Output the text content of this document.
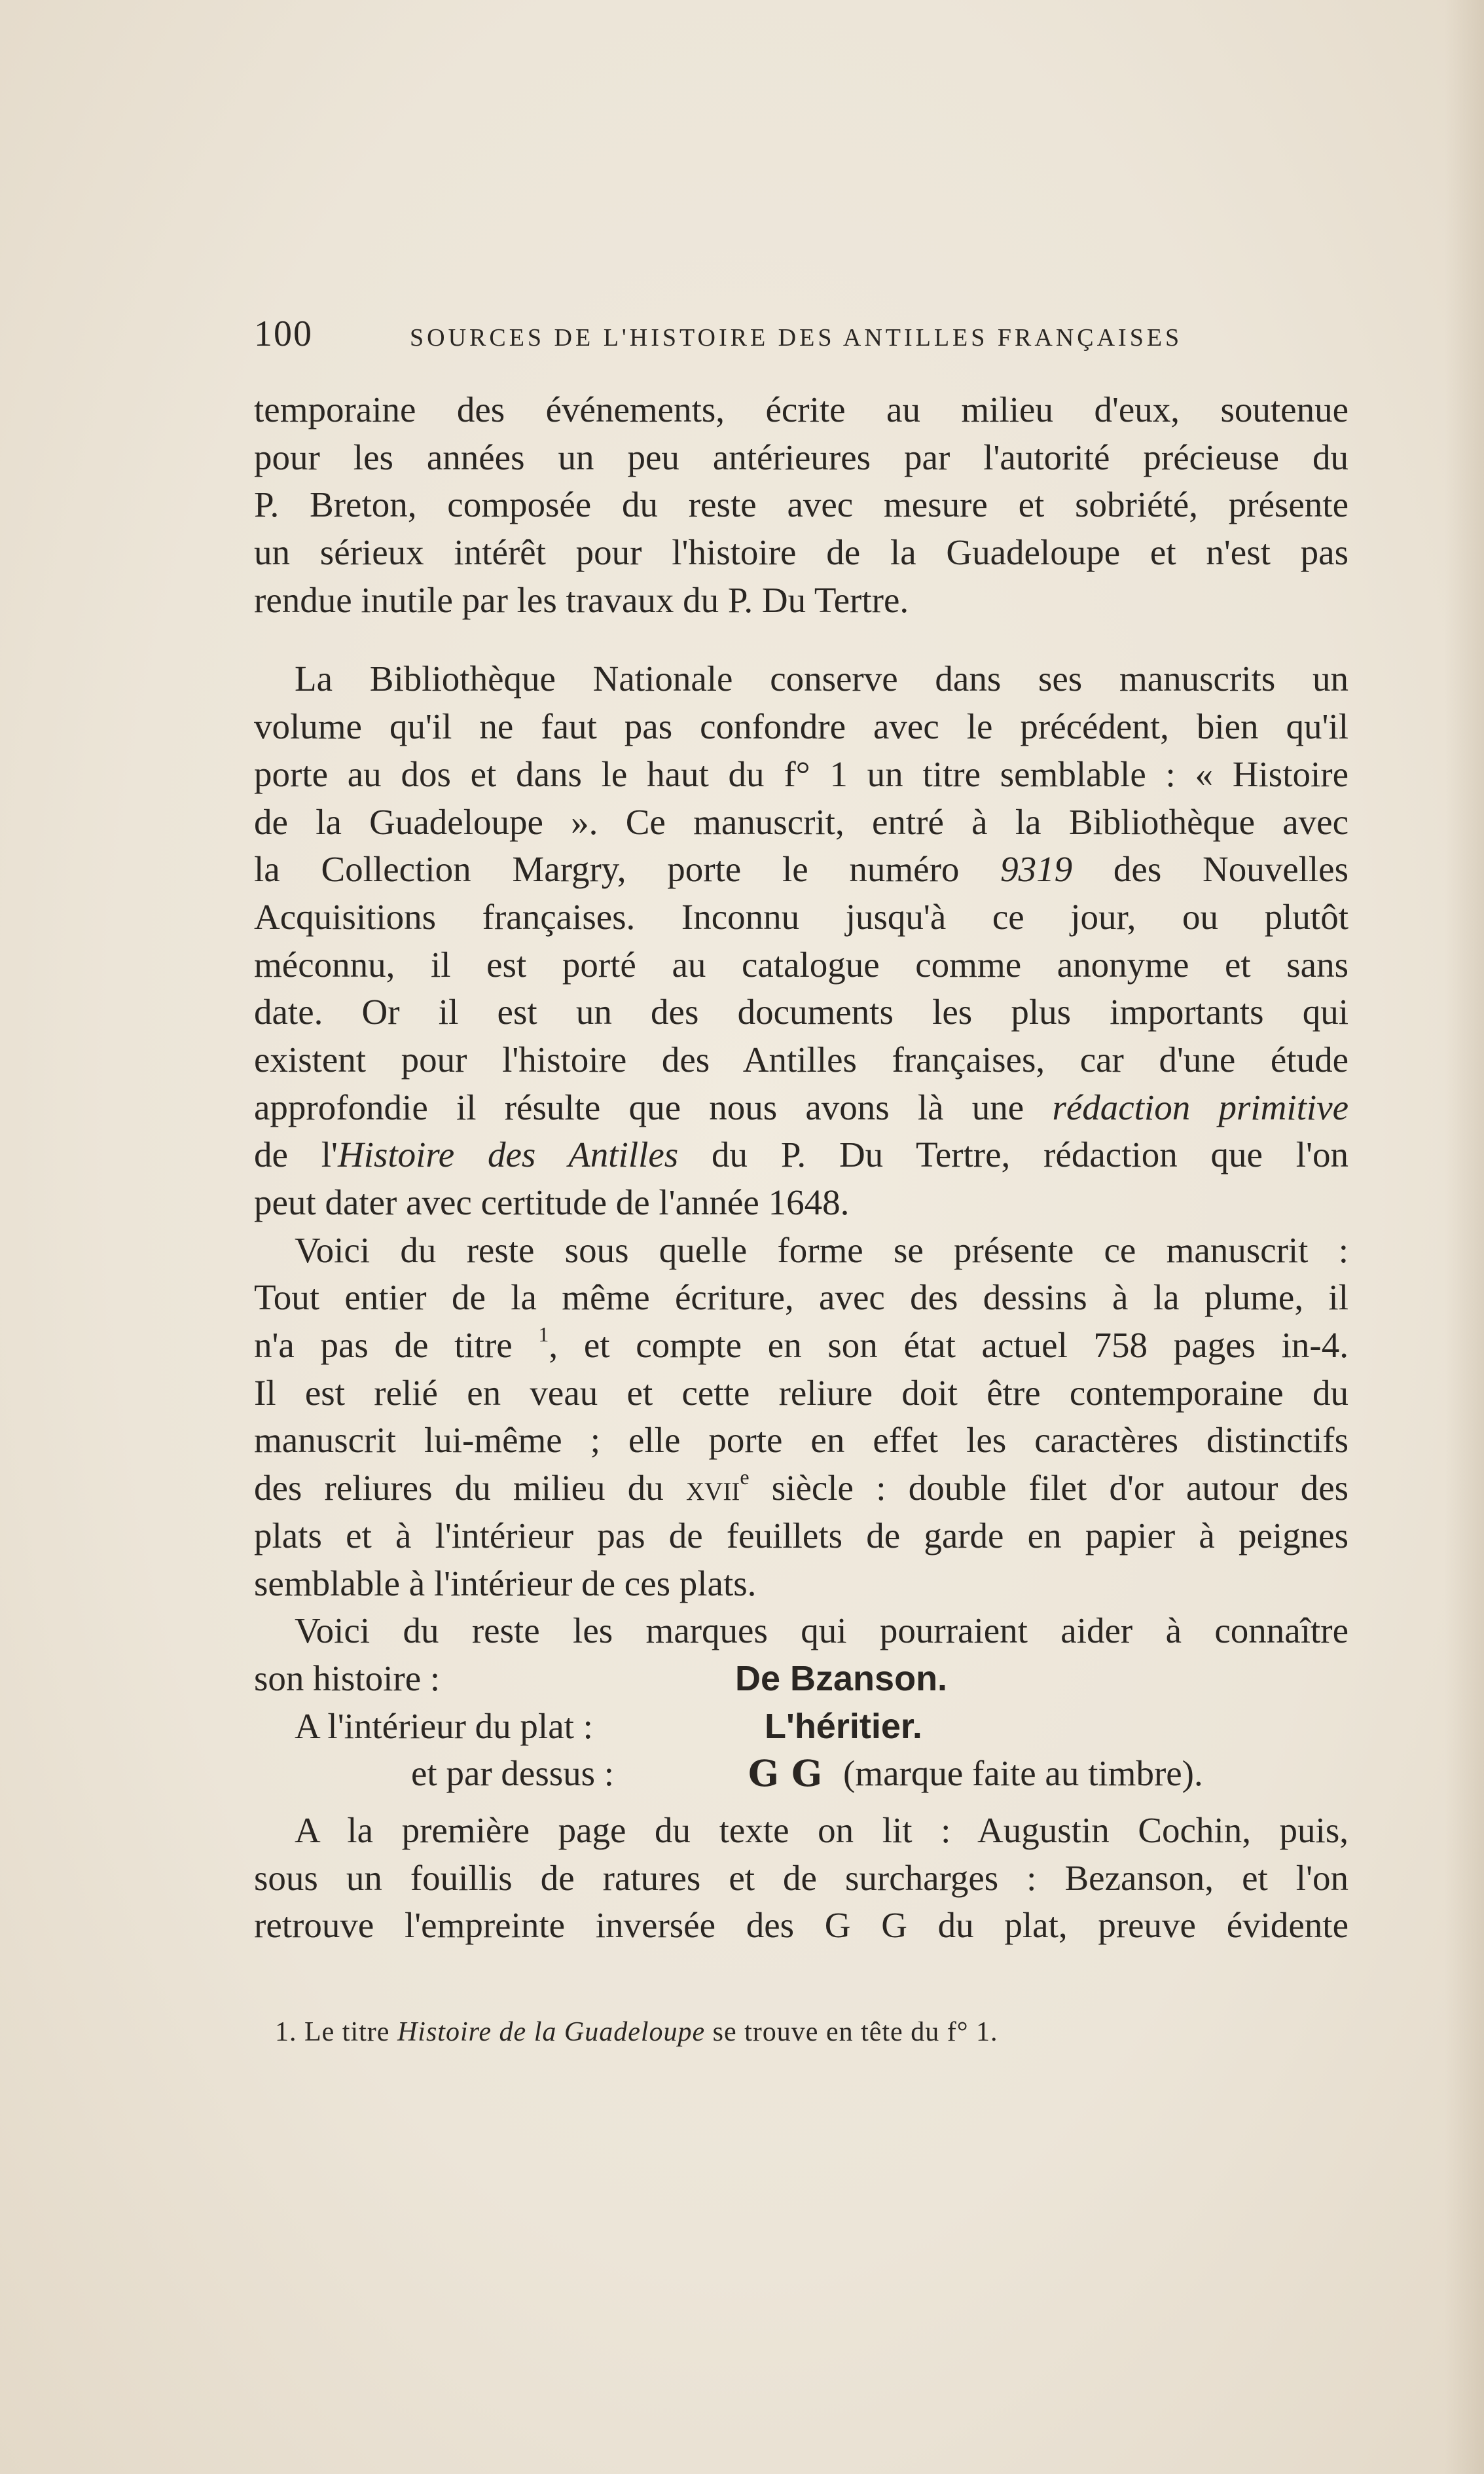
100	SOURCES DE L'HISTOIRE DES ANTILLES FRANÇAISES
temporaine des événements, écrite au milieu d'eux, soutenue
pour les années un peu antérieures par l'autorité précieuse du
P. Breton, composée du reste avec mesure et sobriété, présente
un sérieux intérêt pour l'histoire de la Guadeloupe et n'est pas
rendue inutile par les travaux du P. Du Tertre.
La Bibliothèque Nationale conserve dans ses manuscrits un
volume qu'il ne faut pas confondre avec le précédent, bien qu'il
porte au dos et dans le haut du f° 1 un titre semblable : « Histoire
de la Guadeloupe ». Ce manuscrit, entré à la Bibliothèque avec
la Collection Margry, porte le numéro 9319 des Nouvelles
Acquisitions françaises. Inconnu jusqu'à ce jour, ou plutôt
méconnu, il est porté au catalogue comme anonyme et sans
date. Or il est un des documents les plus importants qui
existent pour l'histoire des Antilles françaises, car d'une étude
approfondie il résulte que nous avons là une rédaction primitive
de l'Histoire des Antilles du P. Du Tertre, rédaction que l'on
peut dater avec certitude de l'année 1648.
Voici du reste sous quelle forme se présente ce manuscrit :
Tout entier de la même écriture, avec des dessins à la plume, il
n'a pas de titre $^1$, et compte en son état actuel 758 pages in-4.
Il est relié en veau et cette reliure doit être contemporaine du
manuscrit lui-même ; elle porte en effet les caractères distinctifs
des reliures du milieu du xvii$^e$ siècle : double filet d'or autour des
plats et à l'intérieur pas de feuillets de garde en papier à peignes
semblable à l'intérieur de ces plats.
Voici du reste les marques qui pourraient aider à connaître
son histoire :	De Bzanson.
A l'intérieur du plat :	L'héritier.
et par dessus :	G G (marque faite au timbre).
A la première page du texte on lit : Augustin Cochin, puis,
sous un fouillis de ratures et de surcharges : Bezanson, et l'on
retrouve l'empreinte inversée des G G du plat, preuve évidente
1. Le titre Histoire de la Guadeloupe se trouve en tête du f° 1.
